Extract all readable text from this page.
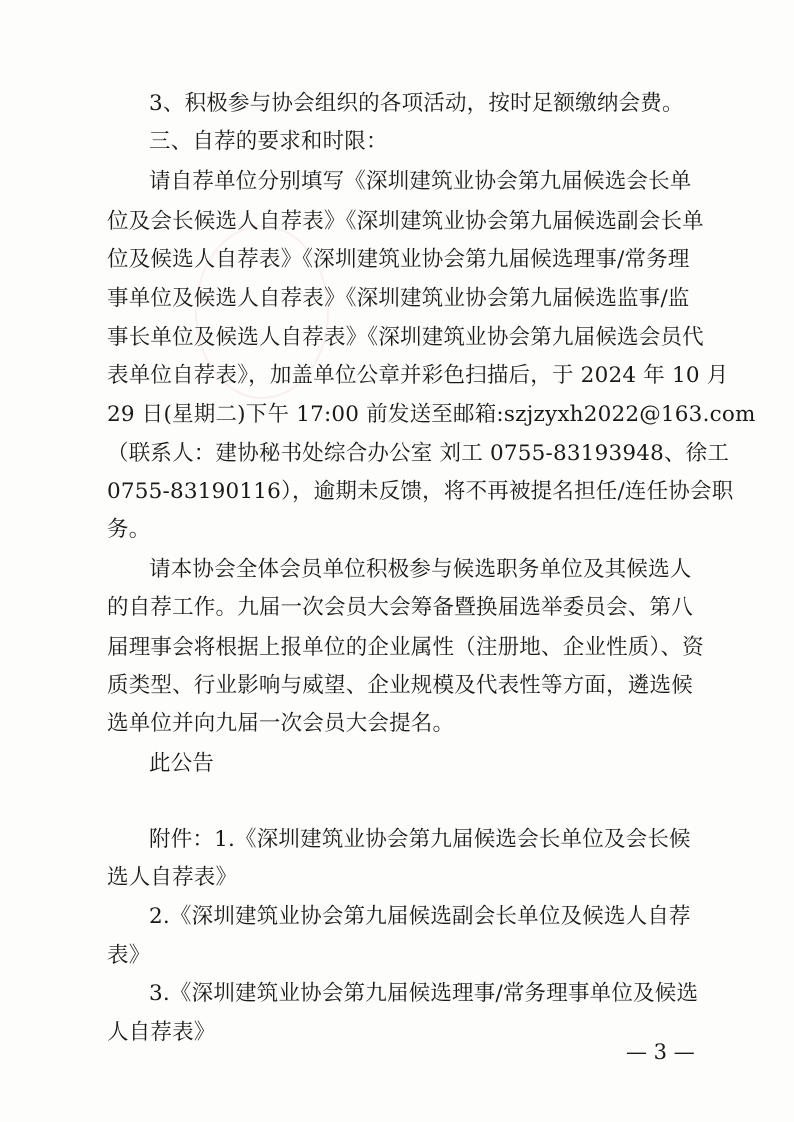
3、积极参与协会组织的各项活动，按时足额缴纳会费。
三、自荐的要求和时限：
请自荐单位分别填写《深圳建筑业协会第九届候选会长单
位及会长候选人自荐表》《深圳建筑业协会第九届候选副会长单
位及候选人自荐表》《深圳建筑业协会第九届候选理事/常务理
事单位及候选人自荐表》《深圳建筑业协会第九届候选监事/监
事长单位及候选人自荐表》《深圳建筑业协会第九届候选会员代
表单位自荐表》，加盖单位公章并彩色扫描后，于 2024 年 10 月
29 日(星期二)下午 17:00 前发送至邮箱:szjzyxh2022@163.com
（联系人：建协秘书处综合办公室 刘工 0755-83193948、徐工
0755-83190116），逾期未反馈，将不再被提名担任/连任协会职
务。
请本协会全体会员单位积极参与候选职务单位及其候选人
的自荐工作。九届一次会员大会筹备暨换届选举委员会、第八
届理事会将根据上报单位的企业属性（注册地、企业性质）、资
质类型、行业影响与威望、企业规模及代表性等方面，遴选候
选单位并向九届一次会员大会提名。
此公告
附件：1.《深圳建筑业协会第九届候选会长单位及会长候
选人自荐表》
2.《深圳建筑业协会第九届候选副会长单位及候选人自荐
表》
3.《深圳建筑业协会第九届候选理事/常务理事单位及候选
人自荐表》
— 3 —
